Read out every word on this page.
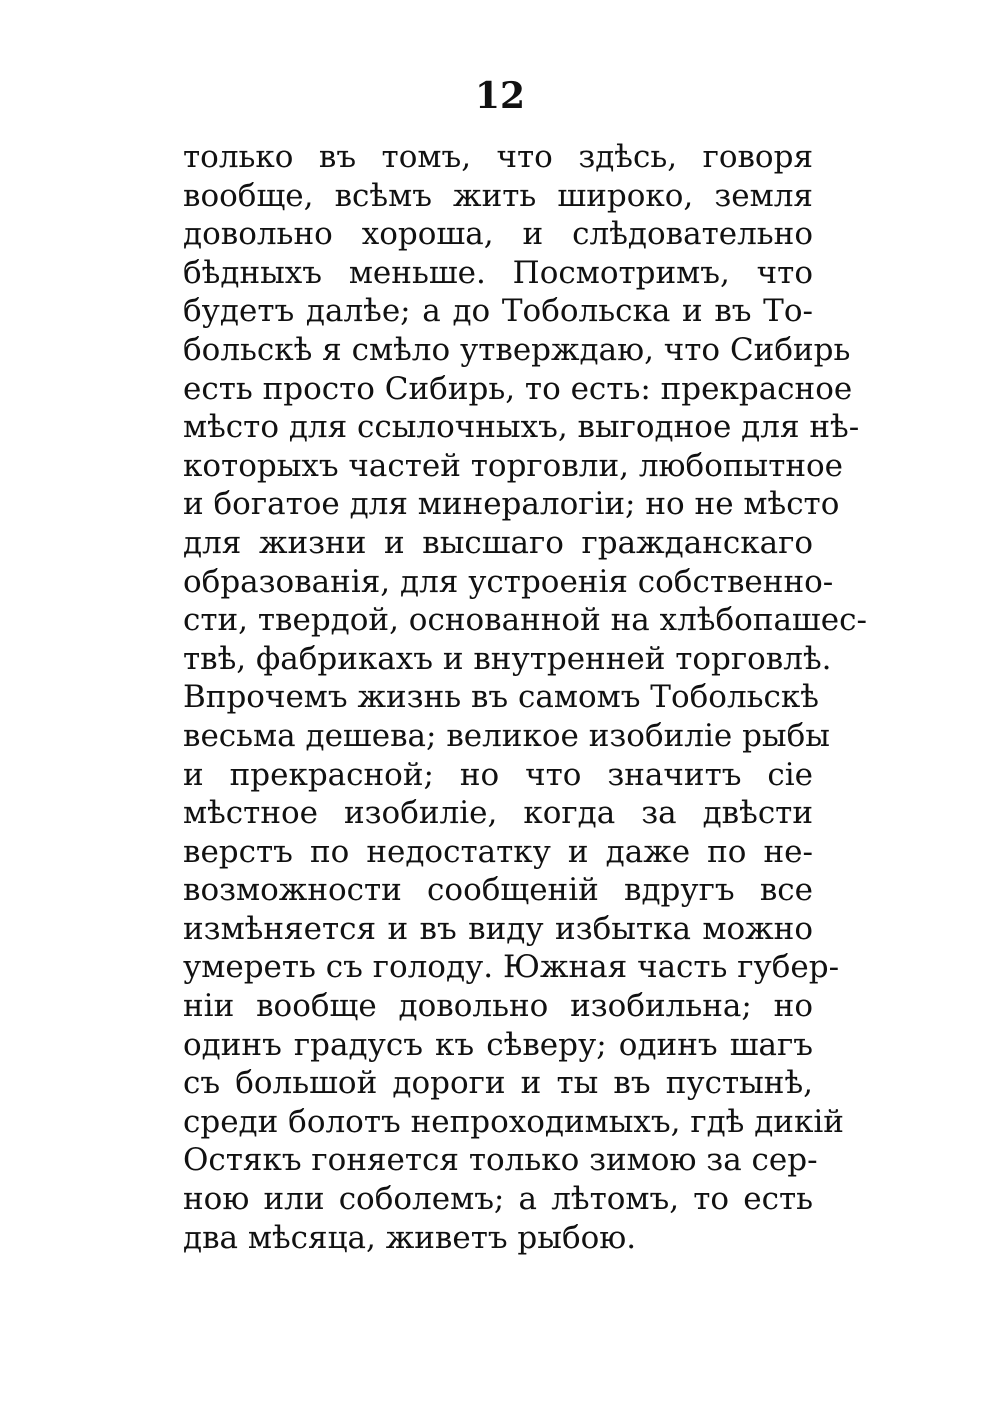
12
только въ томъ, что здѣсь, говоря
вообще, всѣмъ жить широко, земля
довольно хороша, и слѣдовательно
бѣдныхъ меньше. Посмотримъ, что
будетъ далѣе; а до Тобольска и въ То-
больскѣ я смѣло утверждаю, что Сибирь
есть просто Сибирь, то есть: прекрасное
мѣсто для ссылочныхъ, выгодное для нѣ-
которыхъ частей торговли, любопытное
и богатое для минералогіи; но не мѣсто
для жизни и высшаго гражданскаго
образованія, для устроенія собственно-
сти, твердой, основанной на хлѣбопашес-
твѣ, фабрикахъ и внутренней торговлѣ.
Впрочемъ жизнь въ самомъ Тобольскѣ
весьма дешева; великое изобиліе рыбы
и прекрасной; но что значитъ сіе
мѣстное изобиліе, когда за двѣсти
верстъ по недостатку и даже по не-
возможности сообщеній вдругъ все
измѣняется и въ виду избытка можно
умереть съ голоду. Южная часть губер-
ніи вообще довольно изобильна; но
одинъ градусъ къ сѣверу; одинъ шагъ
съ большой дороги и ты въ пустынѣ,
среди болотъ непроходимыхъ, гдѣ дикій
Остякъ гоняется только зимою за сер-
ною или соболемъ; а лѣтомъ, то есть
два мѣсяца, живетъ рыбою.
